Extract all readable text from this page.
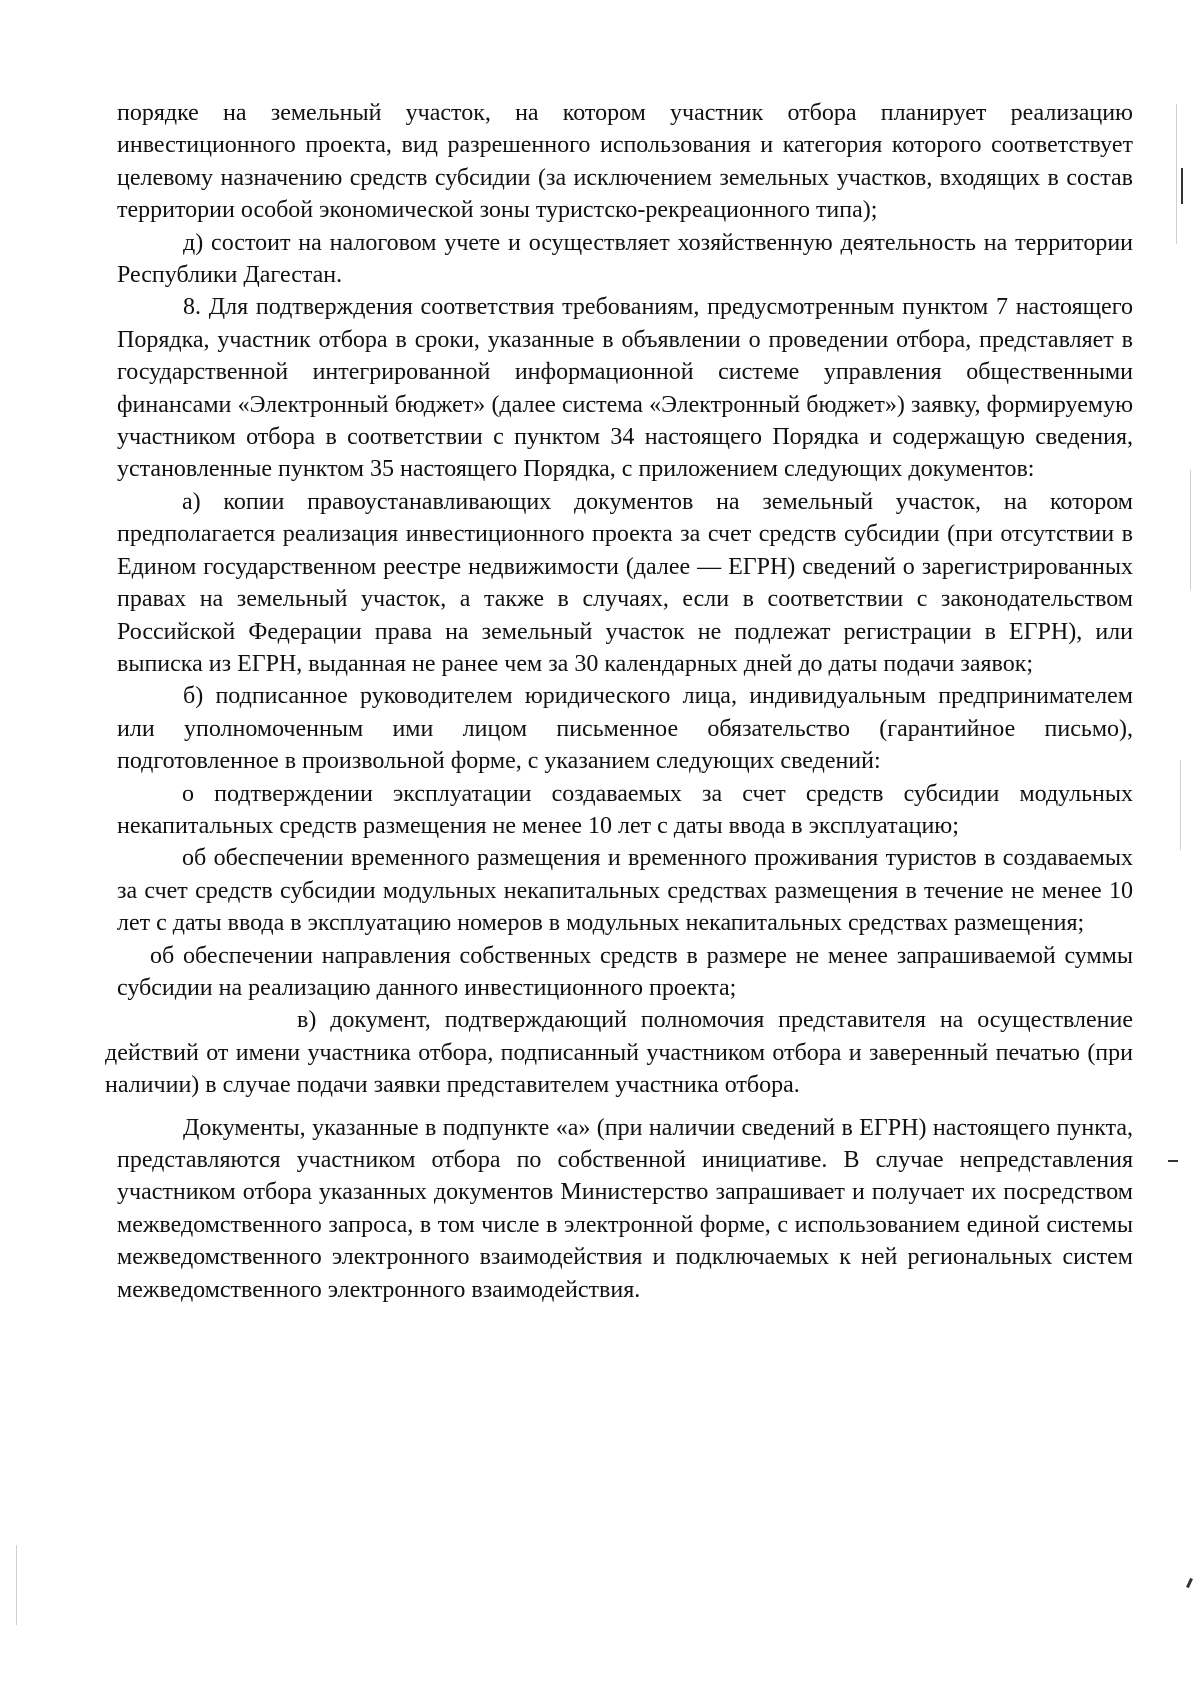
порядке на земельный участок, на котором участник отбора планирует реализацию инвестиционного проекта, вид разрешенного использования и категория которого соответствует целевому назначению средств субсидии (за исключением земельных участков, входящих в состав территории особой экономической зоны туристско-рекреационного типа);

д) состоит на налоговом учете и осуществляет хозяйственную деятельность на территории Республики Дагестан.

8. Для подтверждения соответствия требованиям, предусмотренным пунктом 7 настоящего Порядка, участник отбора в сроки, указанные в объявлении о проведении отбора, представляет в государственной интегрированной информационной системе управления общественными финансами «Электронный бюджет» (далее система «Электронный бюджет») заявку, формируемую участником отбора в соответствии с пунктом 34 настоящего Порядка и содержащую сведения, установленные пунктом 35 настоящего Порядка, с приложением следующих документов:

а) копии правоустанавливающих документов на земельный участок, на котором предполагается реализация инвестиционного проекта за счет средств субсидии (при отсутствии в Едином государственном реестре недвижимости (далее — ЕГРН) сведений о зарегистрированных правах на земельный участок, а также в случаях, если в соответствии с законодательством Российской Федерации права на земельный участок не подлежат регистрации в ЕГРН), или выписка из ЕГРН, выданная не ранее чем за 30 календарных дней до даты подачи заявок;

б) подписанное руководителем юридического лица, индивидуальным предпринимателем или уполномоченным ими лицом письменное обязательство (гарантийное письмо), подготовленное в произвольной форме, с указанием следующих сведений:

о подтверждении эксплуатации создаваемых за счет средств субсидии модульных некапитальных средств размещения не менее 10 лет с даты ввода в эксплуатацию;

об обеспечении временного размещения и временного проживания туристов в создаваемых за счет средств субсидии модульных некапитальных средствах размещения в течение не менее 10 лет с даты ввода в эксплуатацию номеров в модульных некапитальных средствах размещения;

об обеспечении направления собственных средств в размере не менее запрашиваемой суммы субсидии на реализацию данного инвестиционного проекта;

в) документ, подтверждающий полномочия представителя на осуществление действий от имени участника отбора, подписанный участником отбора и заверенный печатью (при наличии) в случае подачи заявки представителем участника отбора.

Документы, указанные в подпункте «а» (при наличии сведений в ЕГРН) настоящего пункта, представляются участником отбора по собственной инициативе. В случае непредставления участником отбора указанных документов Министерство запрашивает и получает их посредством межведомственного запроса, в том числе в электронной форме, с использованием единой системы межведомственного электронного взаимодействия и подключаемых к ней региональных систем межведомственного электронного взаимодействия.
